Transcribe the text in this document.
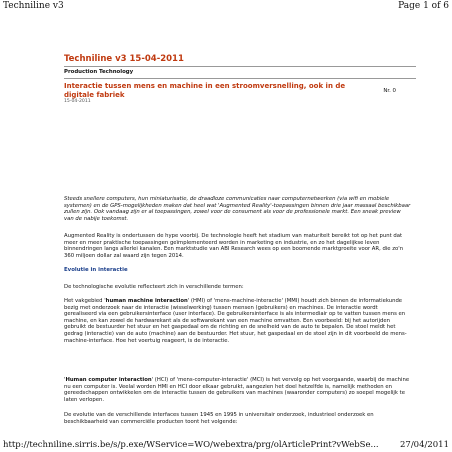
Techniline v3	Page 1 of 6
Techniline v3 15-04-2011
Production Technology
Interactie tussen mens en machine in een stroomversnelling, ook in de digitale fabriek	Nr. 0
15-04-2011

Steeds snellere computers, hun miniaturisatie, de draadloze communicaties naar computernetwerken (via wifi en mobiele systemen) en de GPS-mogelijkheden maken dat heel wat 'Augmented Reality'-toepassingen binnen drie jaar massaal beschikbaar zullen zijn. Ook vandaag zijn er al toepassingen, zowel voor de consument als voor de professionele markt. Een sneak preview van de nabije toekomst.

Augmented Reality is ondertussen de hype voorbij. De technologie heeft het stadium van maturiteit bereikt tot op het punt dat meer en meer praktische toepassingen geïmplementeerd worden in marketing en industrie, en zo het dagelijkse leven binnendringen langs allerlei kanalen. Een marktstudie van ABI Research wees op een boomende marktgroeite voor AR, die zo'n 360 miljoen dollar zal waard zijn tegen 2014.

Evolutie in interactie

De technologische evolutie reflecteert zich in verschillende termen:

Het vakgebied 'human machine interaction' (HMI) of 'mens-machine-interactie' (MMI) houdt zich binnen de informatiekunde bezig met onderzoek naar de interactie (wisselwerking) tussen mensen (gebruikers) en machines. De interactie wordt gerealiseerd via een gebruikersinterface (user interface). De gebruikersinterface is als intermediair op te vatten tussen mens en machine, en kan zowel de hardwarekant als de softwarekant van een machine omvatten. Een voorbeeld: bij het autorijden gebruikt de bestuurder het stuur en het gaspedaal om de richting en de snelheid van de auto te bepalen. De stoel meldt het gedrag (interactie) van de auto (machine) aan de bestuurder. Het stuur, het gaspedaal en de stoel zijn in dit voorbeeld de mens-machine-interface. Hoe het voertuig reageert, is de interactie.

'Human computer interaction' (HCI) of 'mens-computer-interactie' (MCI) is het vervolg op het voorgaande, waarbij de machine nu een computer is. Veelal worden HMI en HCI door elkaar gebruikt, aangezien het doel hetzelfde is, namelijk methoden en gereedschappen ontwikkelen om de interactie tussen de gebruikers van machines (waaronder computers) zo soepel mogelijk te laten verlopen.

De evolutie van de verschillende interfaces tussen 1945 en 1995 in universitair onderzoek, industrieel onderzoek en beschikbaarheid van commerciële producten toont het volgende:

http://techniline.sirris.be/s/p.exe/WService=WO/webextra/prg/olArticlePrint?vWebSe...	27/04/2011
